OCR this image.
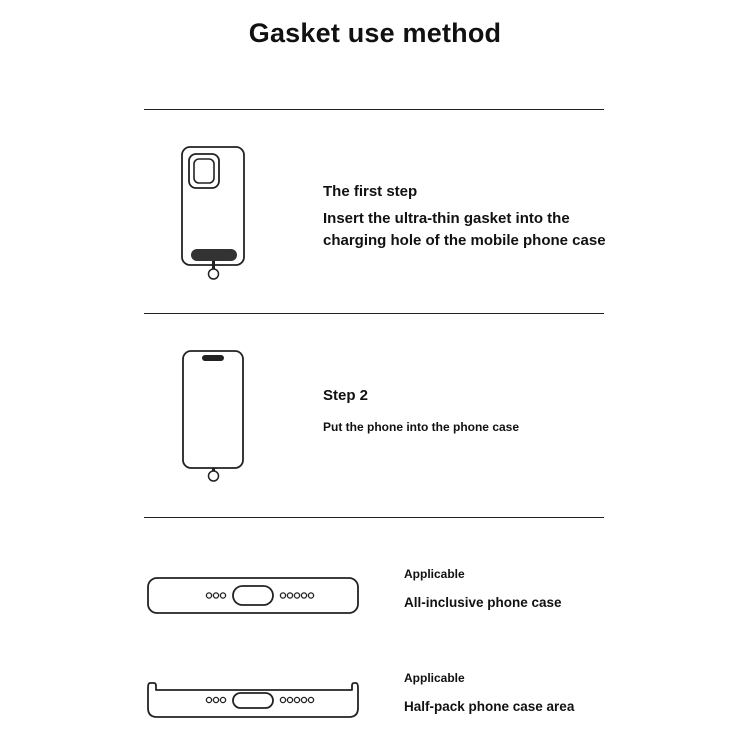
Gasket use method
The first step
Insert the ultra-thin gasket into the
charging hole of the mobile phone case
Step 2
Put the phone into the phone case
Applicable
All-inclusive phone case
Applicable
Half-pack phone case area
